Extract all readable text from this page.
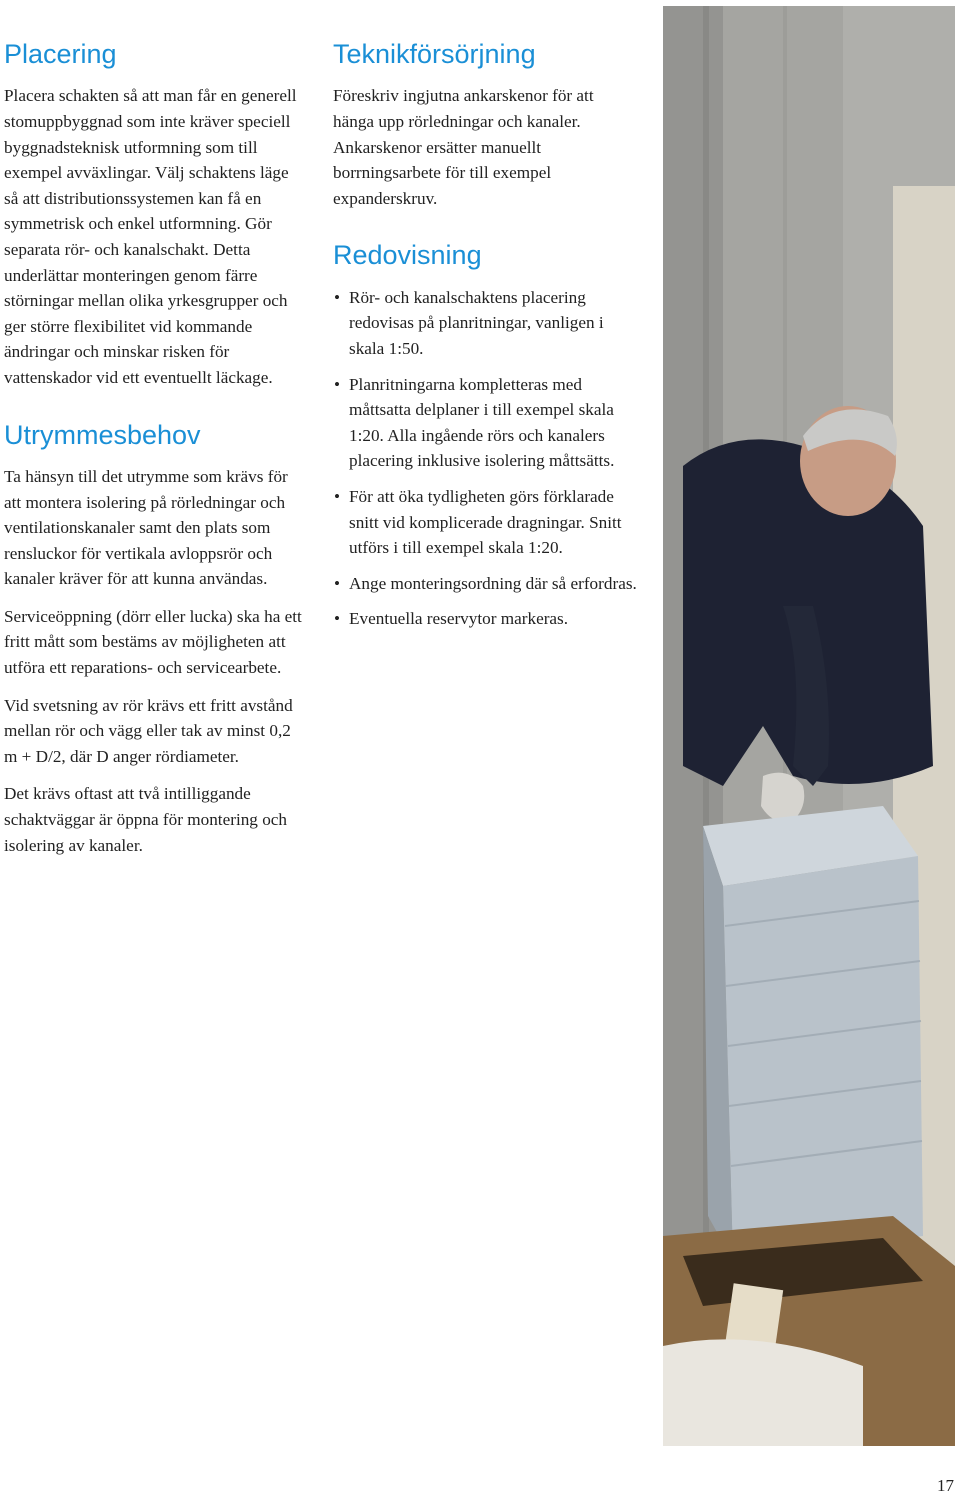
Placering

Placera schakten så att man får en generell stomuppbyggnad som inte kräver speciell byggnadsteknisk utformning som till exempel avväxlingar. Välj schaktens läge så att distributionssystemen kan få en symmetrisk och enkel utformning. Gör separata rör- och kanalschakt. Detta underlättar monteringen genom färre störningar mellan olika yrkesgrupper och ger större flexibilitet vid kommande ändringar och minskar risken för vattenskador vid ett eventuellt läckage.

Utrymmesbehov

Ta hänsyn till det utrymme som krävs för att montera isolering på rörledningar och ventilationskanaler samt den plats som rensluckor för vertikala avloppsrör och kanaler kräver för att kunna användas.

Serviceöppning (dörr eller lucka) ska ha ett fritt mått som bestäms av möjligheten att utföra ett reparations- och servicearbete.

Vid svetsning av rör krävs ett fritt avstånd mellan rör och vägg eller tak av minst 0,2 m + D/2, där D anger rördiameter.

Det krävs oftast att två intilliggande schaktväggar är öppna för montering och isolering av kanaler.

Teknikförsörjning

Föreskriv ingjutna ankarskenor för att hänga upp rörledningar och kanaler. Ankarskenor ersätter manuellt borrningsarbete för till exempel expanderskruv.

Redovisning
• Rör- och kanalschaktens placering redovisas på planritningar, vanligen i skala 1:50.
• Planritningarna kompletteras med måttsatta delplaner i till exempel skala 1:20. Alla ingående rörs och kanalers placering inklusive isolering måttsätts.
• För att öka tydligheten görs förklarade snitt vid komplicerade dragningar. Snitt utförs i till exempel skala 1:20.
• Ange monteringsordning där så erfordras.
• Eventuella reservytor markeras.
17
